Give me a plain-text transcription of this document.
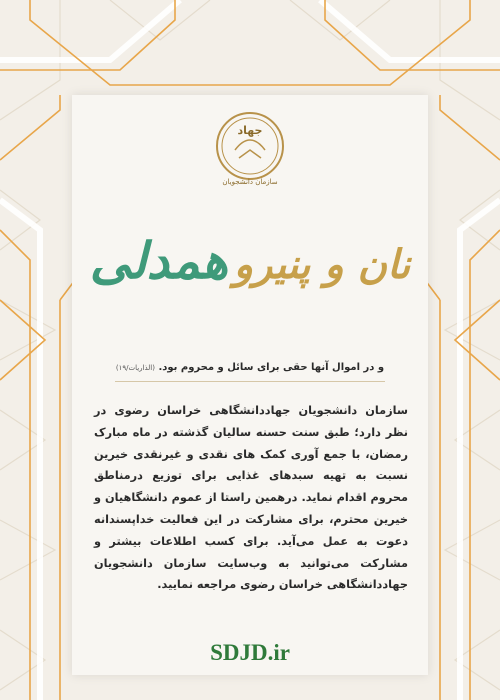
جهاد
سازمان دانشجویان
نان و پنیرو همدلی
و در اموال آنها حقی برای سائل و محروم بود. (الذاریات/۱۹)
سازمان دانشجویان جهاددانشگاهی خراسان رضوی در نظر دارد؛ طبق سنت حسنه سالیان گذشته در ماه مبارک رمضان، با جمع آوری کمک های نقدی و غیرنقدی خیرین نسبت به تهیه سبدهای غذایی برای توزیع درمناطق محروم اقدام نماید. درهمین راستا از عموم دانشگاهیان و خیرین محترم، برای مشارکت در این فعالیت خداپسندانه دعوت به عمل می‌آید. برای کسب اطلاعات بیشتر و مشارکت می‌توانید به وب‌سایت سازمان دانشجویان جهاددانشگاهی خراسان رضوی مراجعه نمایید.
SDJD.ir
